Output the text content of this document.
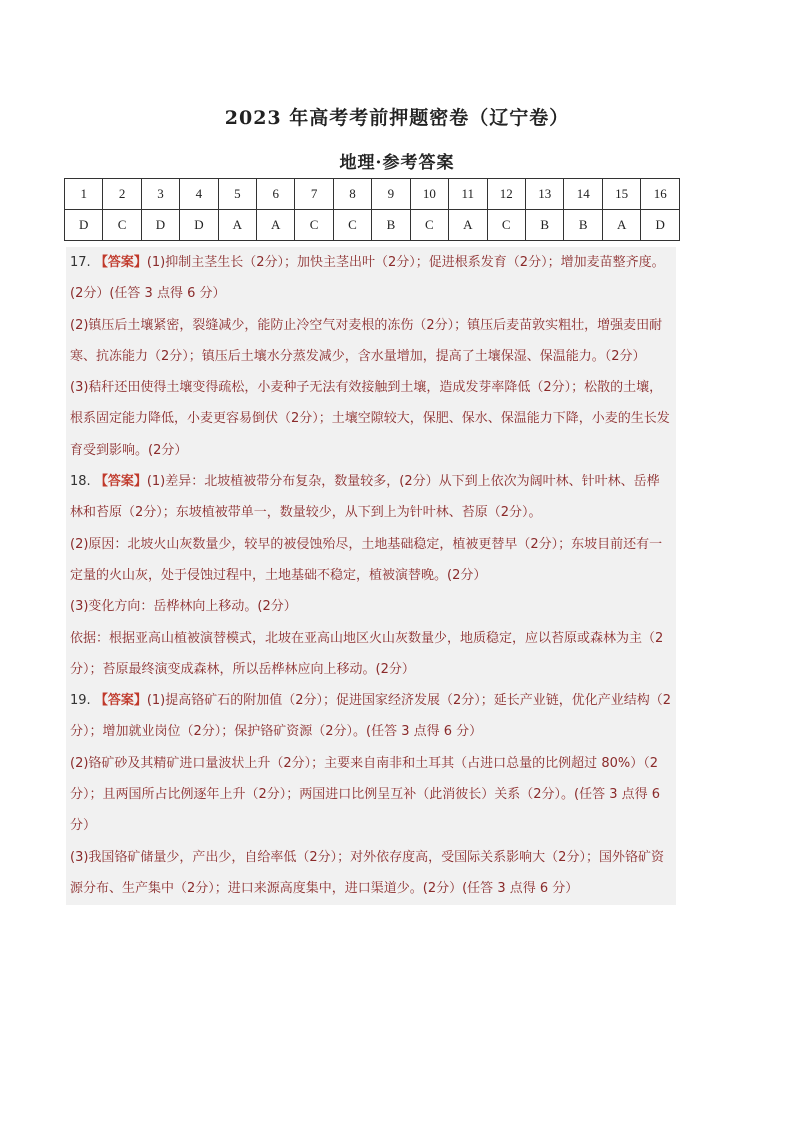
2023 年高考考前押题密卷（辽宁卷）
地理·参考答案
1	2	3	4	5	6	7	8	9	10	11	12	13	14	15	16
D	C	D	D	A	A	C	C	B	C	A	C	B	B	A	D

17. 【答案】(1)抑制主茎生长（2分）；加快主茎出叶（2分）；促进根系发育（2分）；增加麦苗整齐度。(2分）(任答 3 点得 6 分）

(2)镇压后土壤紧密，裂缝减少，能防止冷空气对麦根的冻伤（2分）；镇压后麦苗敦实粗壮，增强麦田耐寒、抗冻能力（2分）；镇压后土壤水分蒸发减少，含水量增加，提高了土壤保湿、保温能力。（2分）

(3)秸秆还田使得土壤变得疏松，小麦种子无法有效接触到土壤，造成发芽率降低（2分）；松散的土壤，根系固定能力降低，小麦更容易倒伏（2分）；土壤空隙较大，保肥、保水、保温能力下降，小麦的生长发育受到影响。(2分）

18. 【答案】(1)差异：北坡植被带分布复杂，数量较多，(2分）从下到上依次为阔叶林、针叶林、岳桦林和苔原（2分）；东坡植被带单一，数量较少，从下到上为针叶林、苔原（2分）。

(2)原因：北坡火山灰数量少，较早的被侵蚀殆尽，土地基础稳定，植被更替早（2分）；东坡目前还有一定量的火山灰，处于侵蚀过程中，土地基础不稳定，植被演替晚。(2分）

(3)变化方向：岳桦林向上移动。(2分）

依据：根据亚高山植被演替模式，北坡在亚高山地区火山灰数量少，地质稳定，应以苔原或森林为主（2分）；苔原最终演变成森林，所以岳桦林应向上移动。(2分）

19. 【答案】(1)提高铬矿石的附加值（2分）；促进国家经济发展（2分）；延长产业链，优化产业结构（2分）；增加就业岗位（2分）；保护铬矿资源（2分）。(任答 3 点得 6 分）

(2)铬矿砂及其精矿进口量波状上升（2分）；主要来自南非和土耳其（占进口总量的比例超过 80%）（2分）；且两国所占比例逐年上升（2分）；两国进口比例呈互补（此消彼长）关系（2分）。(任答 3 点得 6 分）

(3)我国铬矿储量少，产出少，自给率低（2分）；对外依存度高，受国际关系影响大（2分）；国外铬矿资源分布、生产集中（2分）；进口来源高度集中，进口渠道少。(2分）(任答 3 点得 6 分）
